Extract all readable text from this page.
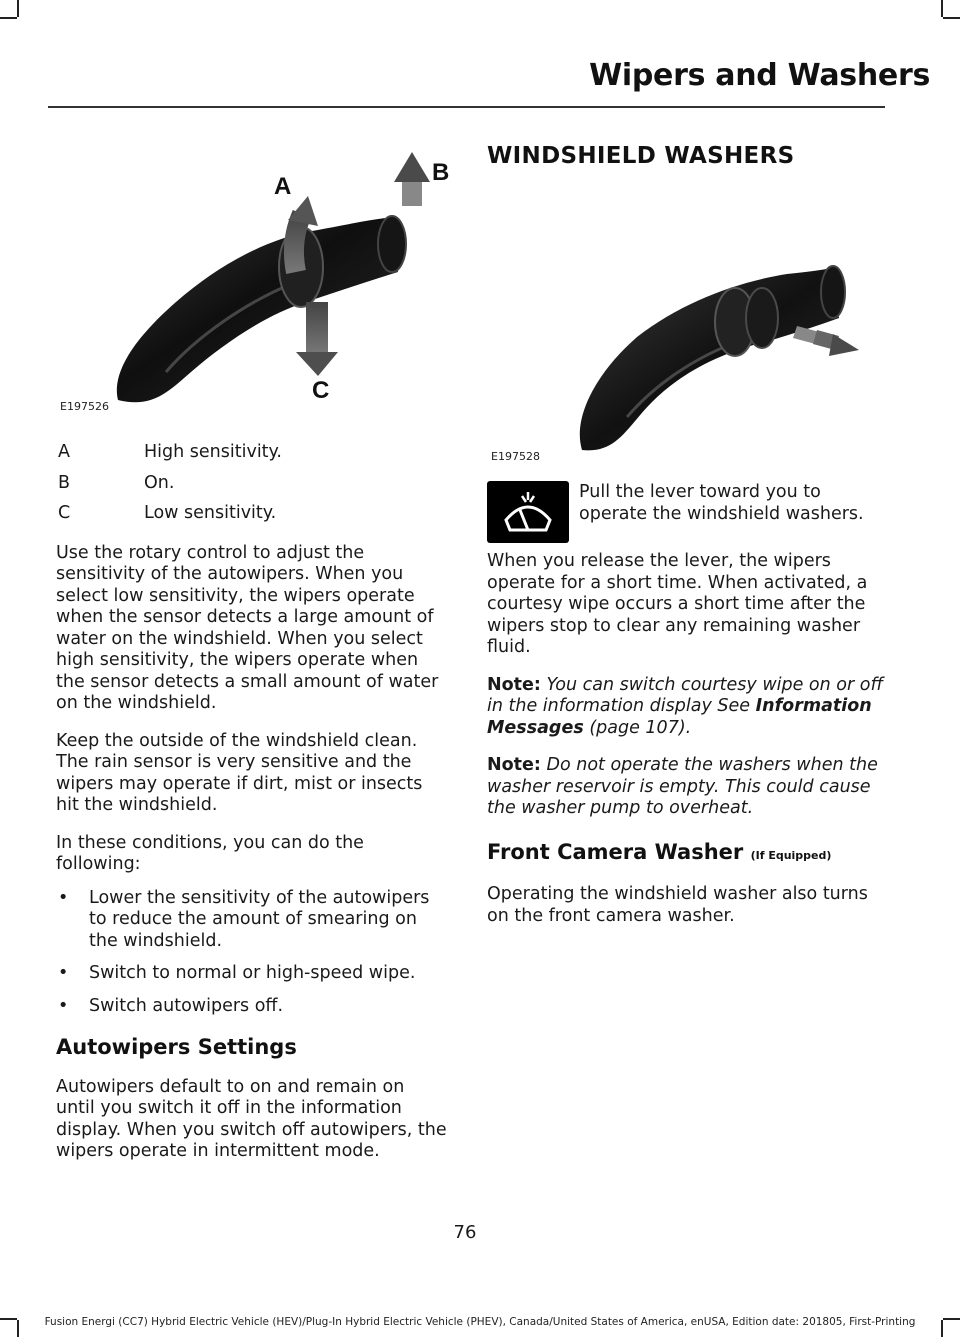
Wipers and Washers
A
B
C
E197526
A	High sensitivity.
B	On.
C	Low sensitivity.

Use the rotary control to adjust the sensitivity of the autowipers. When you select low sensitivity, the wipers operate when the sensor detects a large amount of water on the windshield. When you select high sensitivity, the wipers operate when the sensor detects a small amount of water on the windshield.

Keep the outside of the windshield clean. The rain sensor is very sensitive and the wipers may operate if dirt, mist or insects hit the windshield.

In these conditions, you can do the following:

• Lower the sensitivity of the autowipers to reduce the amount of smearing on the windshield.
• Switch to normal or high-speed wipe.
• Switch autowipers off.
Autowipers Settings

Autowipers default to on and remain on until you switch it off in the information display. When you switch off autowipers, the wipers operate in intermittent mode.

WINDSHIELD WASHERS
E197528
Pull the lever toward you to operate the windshield washers.

When you release the lever, the wipers operate for a short time. When activated, a courtesy wipe occurs a short time after the wipers stop to clear any remaining washer fluid.

Note: You can switch courtesy wipe on or off in the information display See Information Messages (page 107).

Note: Do not operate the washers when the washer reservoir is empty. This could cause the washer pump to overheat.

Front Camera Washer (If Equipped)

Operating the windshield washer also turns on the front camera washer.

76
Fusion Energi (CC7) Hybrid Electric Vehicle (HEV)/Plug-In Hybrid Electric Vehicle (PHEV), Canada/United States of America, enUSA, Edition date: 201805, First-Printing
